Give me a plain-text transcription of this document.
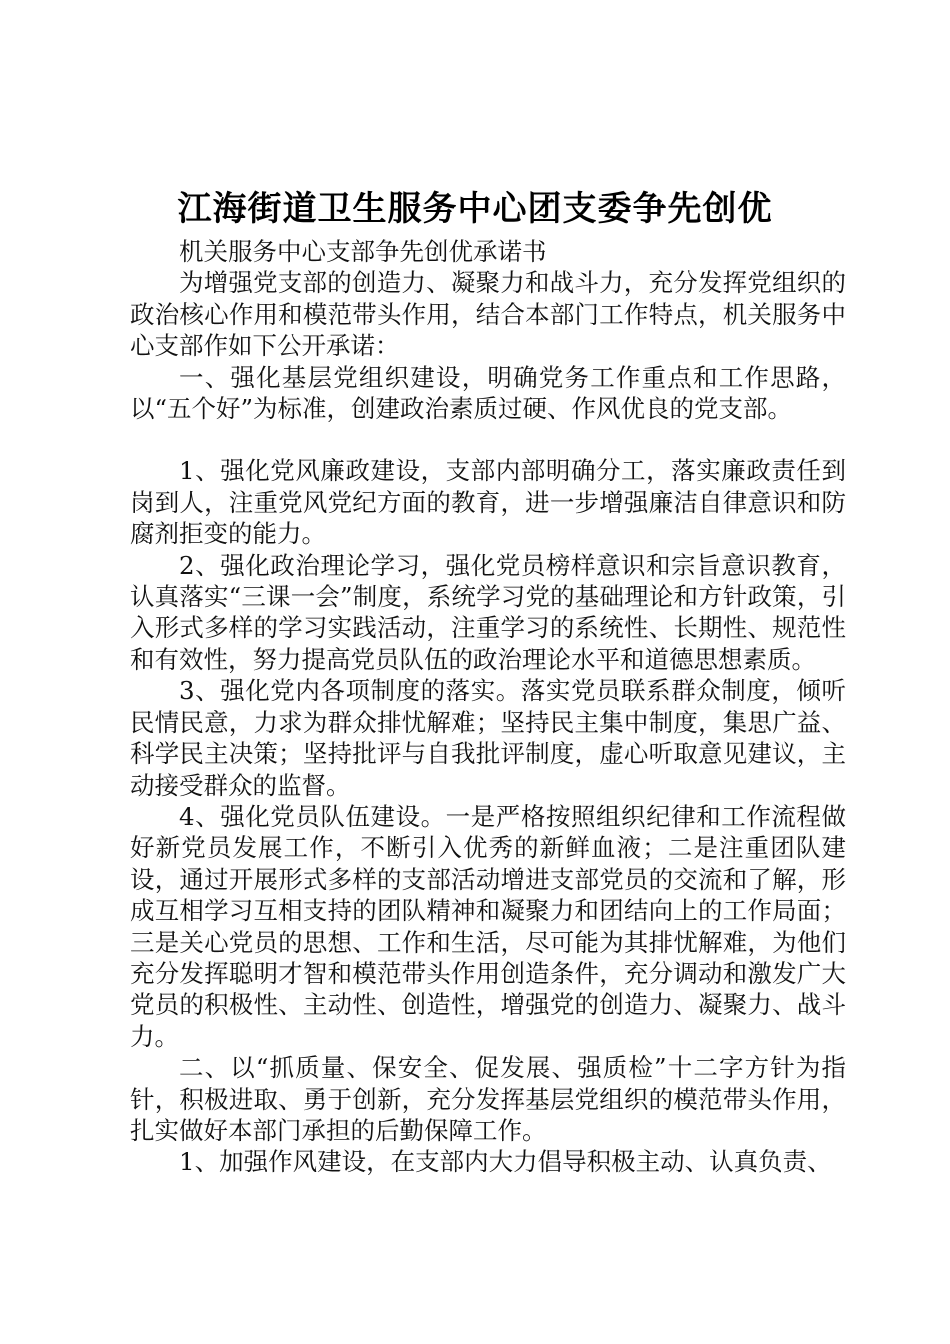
江海街道卫生服务中心团支委争先创优

机关服务中心支部争先创优承诺书

为增强党支部的创造力、凝聚力和战斗力，充分发挥党组织的政治核心作用和模范带头作用，结合本部门工作特点，机关服务中心支部作如下公开承诺：

一、强化基层党组织建设，明确党务工作重点和工作思路，以“五个好”为标准，创建政治素质过硬、作风优良的党支部。

1、强化党风廉政建设，支部内部明确分工，落实廉政责任到岗到人，注重党风党纪方面的教育，进一步增强廉洁自律意识和防腐剂拒变的能力。

2、强化政治理论学习，强化党员榜样意识和宗旨意识教育，认真落实“三课一会”制度，系统学习党的基础理论和方针政策，引入形式多样的学习实践活动，注重学习的系统性、长期性、规范性和有效性，努力提高党员队伍的政治理论水平和道德思想素质。

3、强化党内各项制度的落实。落实党员联系群众制度，倾听民情民意，力求为群众排忧解难；坚持民主集中制度，集思广益、科学民主决策；坚持批评与自我批评制度，虚心听取意见建议，主动接受群众的监督。

4、强化党员队伍建设。一是严格按照组织纪律和工作流程做好新党员发展工作，不断引入优秀的新鲜血液；二是注重团队建设，通过开展形式多样的支部活动增进支部党员的交流和了解，形成互相学习互相支持的团队精神和凝聚力和团结向上的工作局面；三是关心党员的思想、工作和生活，尽可能为其排忧解难，为他们充分发挥聪明才智和模范带头作用创造条件，充分调动和激发广大党员的积极性、主动性、创造性，增强党的创造力、凝聚力、战斗力。

二、以“抓质量、保安全、促发展、强质检”十二字方针为指针，积极进取、勇于创新，充分发挥基层党组织的模范带头作用，扎实做好本部门承担的后勤保障工作。

1、加强作风建设，在支部内大力倡导积极主动、认真负责、
